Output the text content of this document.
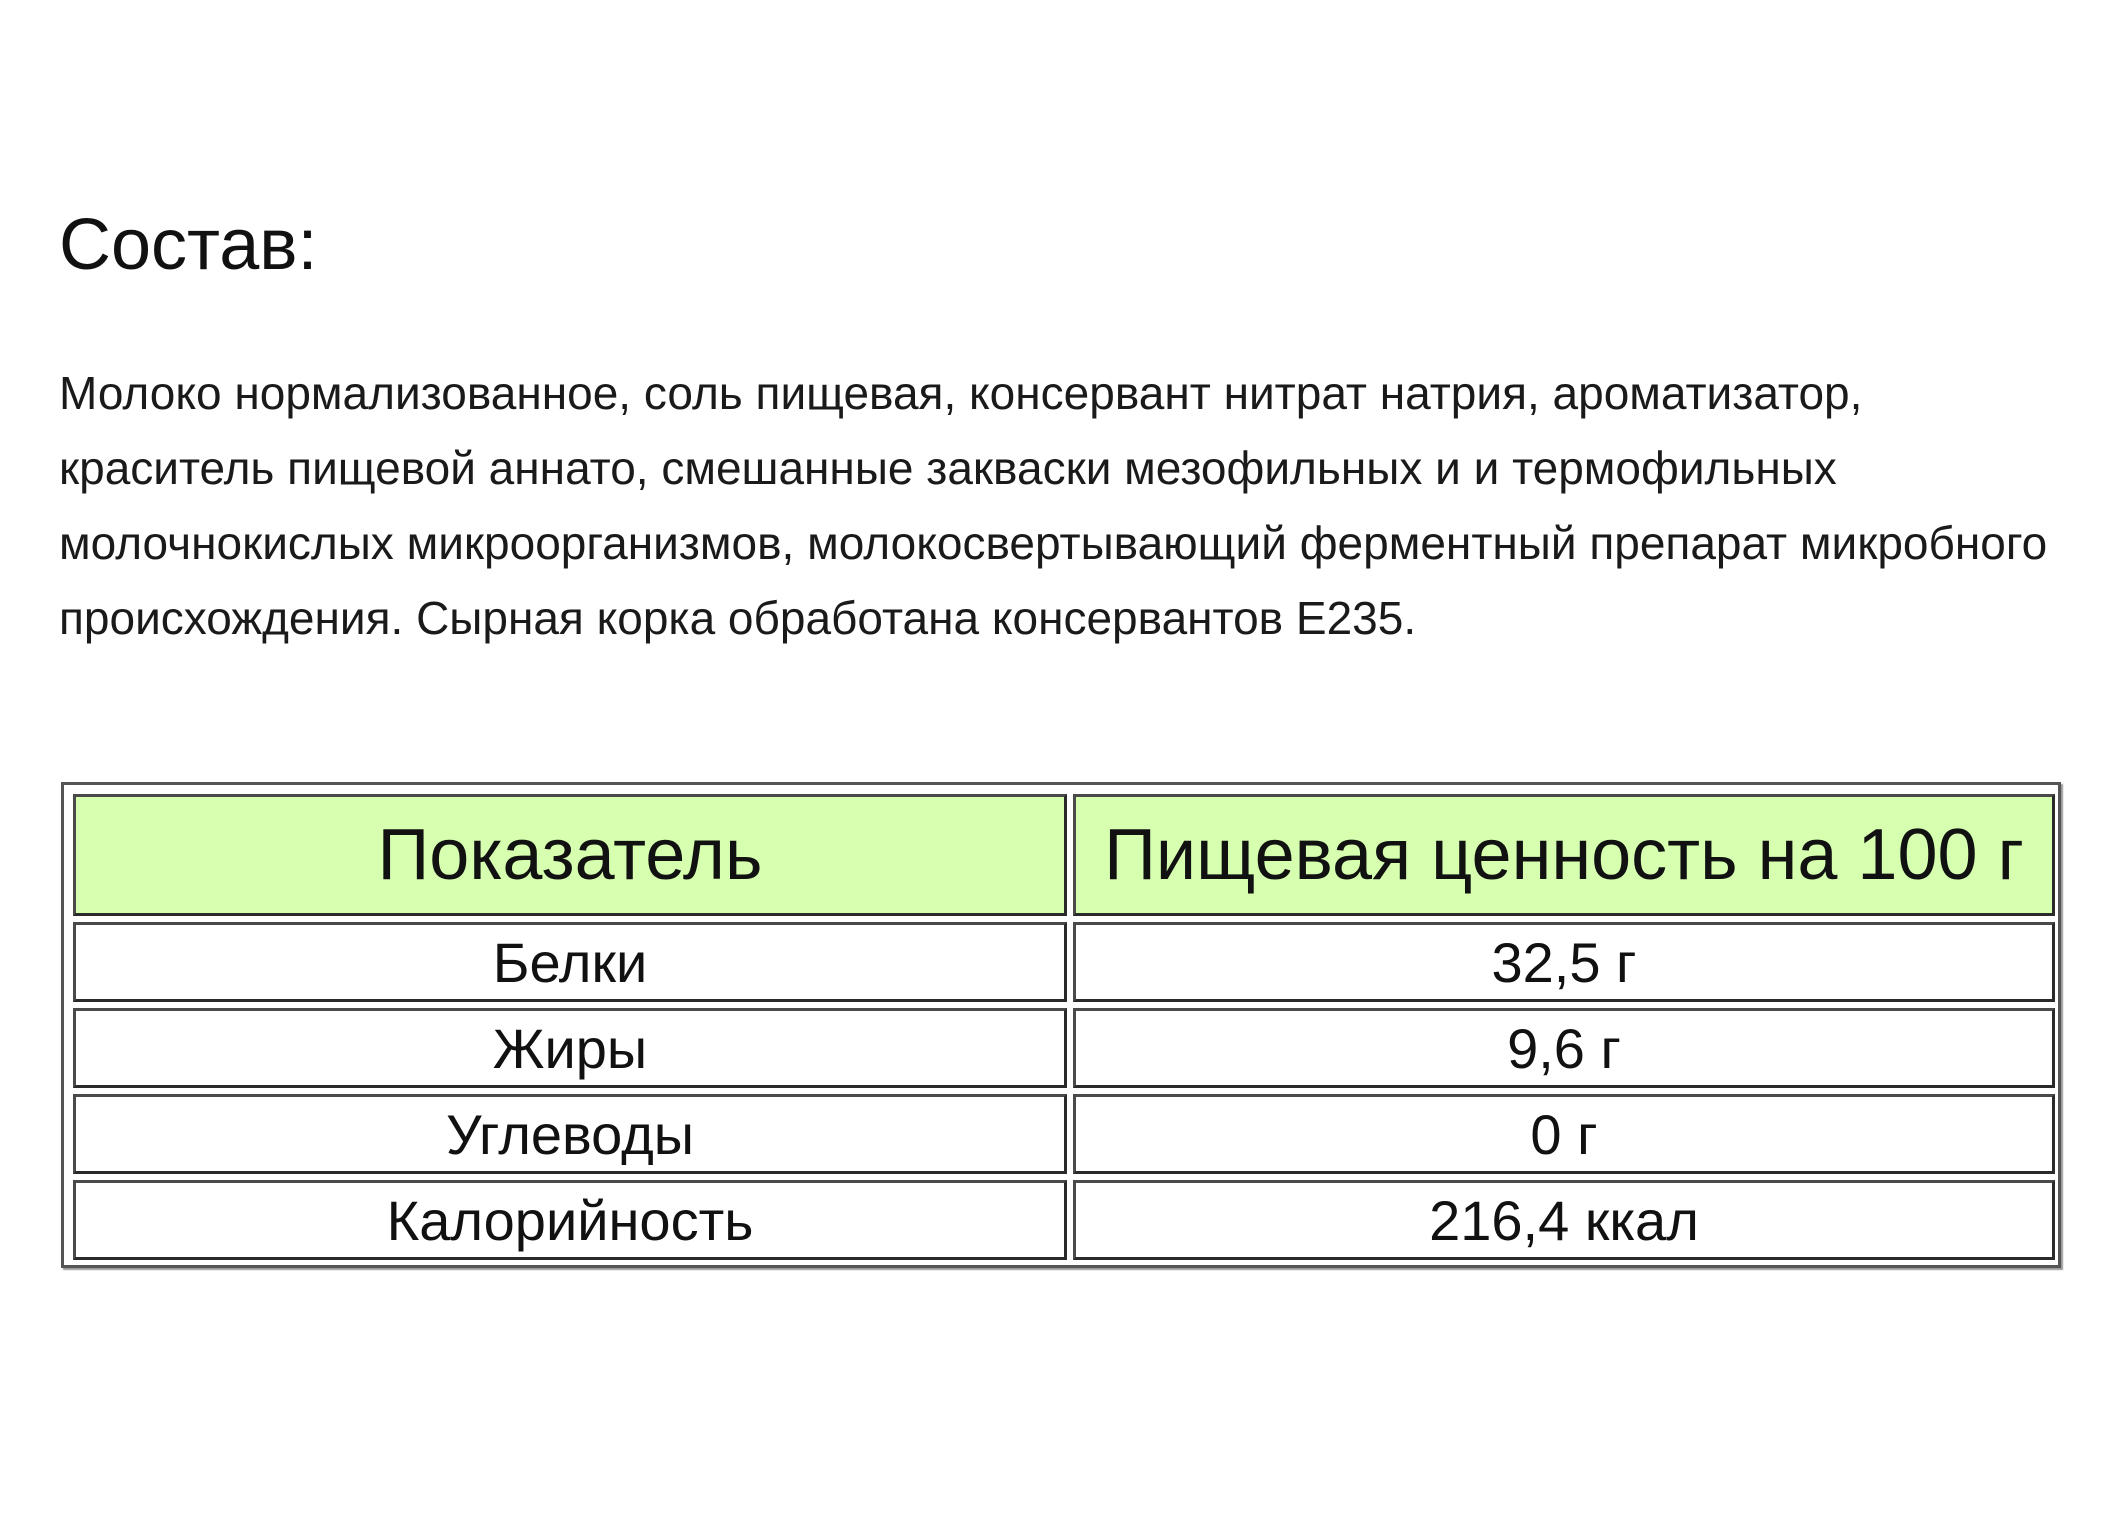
Состав:

Молоко нормализованное, соль пищевая, консервант нитрат натрия, ароматизатор, краситель пищевой аннато, смешанные закваски мезофильных и и термофильных молочнокислых микроорганизмов, молокосвертывающий ферментный препарат микробного происхождения. Сырная корка обработана консервантов Е235.

Показатель	Пищевая ценность на 100 г
Белки	32,5 г
Жиры	9,6 г
Углеводы	0 г
Калорийность	216,4 ккал
